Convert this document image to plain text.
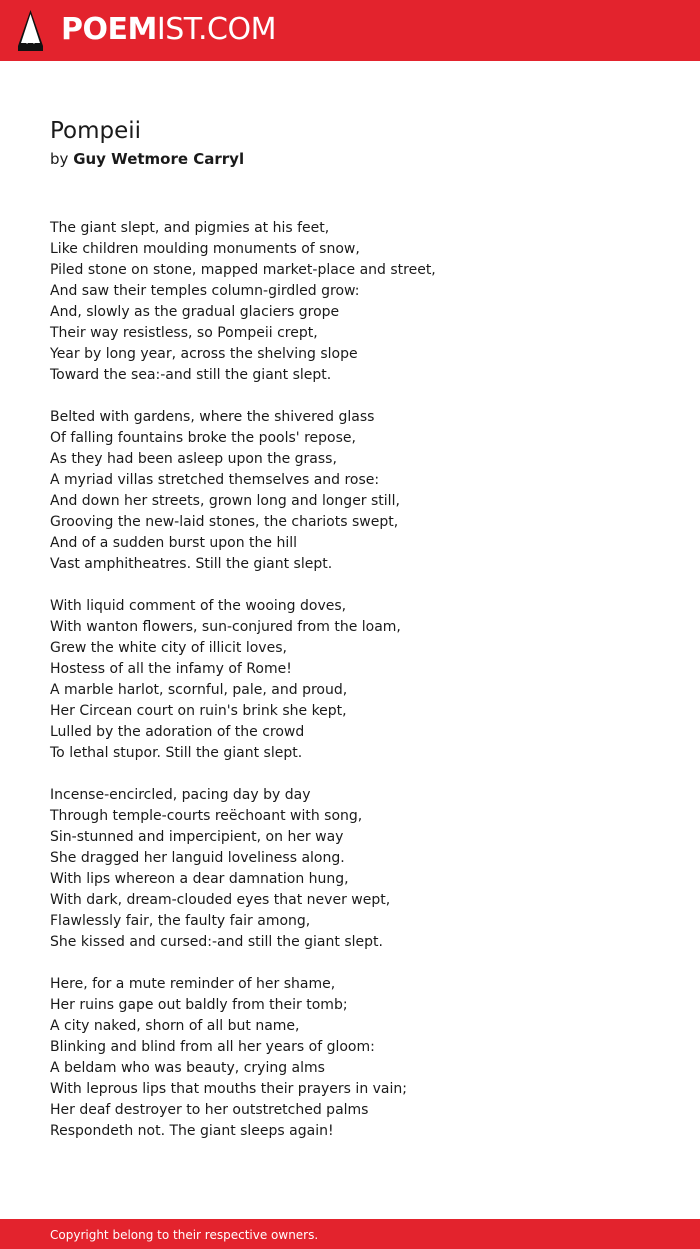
POEMIST.COM
Pompeii
by Guy Wetmore Carryl
The giant slept, and pigmies at his feet,
Like children moulding monuments of snow,
Piled stone on stone, mapped market-place and street,
And saw their temples column-girdled grow:
And, slowly as the gradual glaciers grope
Their way resistless, so Pompeii crept,
Year by long year, across the shelving slope
Toward the sea:-and still the giant slept.
Belted with gardens, where the shivered glass
Of falling fountains broke the pools' repose,
As they had been asleep upon the grass,
A myriad villas stretched themselves and rose:
And down her streets, grown long and longer still,
Grooving the new-laid stones, the chariots swept,
And of a sudden burst upon the hill
Vast amphitheatres. Still the giant slept.
With liquid comment of the wooing doves,
With wanton flowers, sun-conjured from the loam,
Grew the white city of illicit loves,
Hostess of all the infamy of Rome!
A marble harlot, scornful, pale, and proud,
Her Circean court on ruin's brink she kept,
Lulled by the adoration of the crowd
To lethal stupor. Still the giant slept.
Incense-encircled, pacing day by day
Through temple-courts reëchoant with song,
Sin-stunned and impercipient, on her way
She dragged her languid loveliness along.
With lips whereon a dear damnation hung,
With dark, dream-clouded eyes that never wept,
Flawlessly fair, the faulty fair among,
She kissed and cursed:-and still the giant slept.
Here, for a mute reminder of her shame,
Her ruins gape out baldly from their tomb;
A city naked, shorn of all but name,
Blinking and blind from all her years of gloom:
A beldam who was beauty, crying alms
With leprous lips that mouths their prayers in vain;
Her deaf destroyer to her outstretched palms
Respondeth not. The giant sleeps again!
Copyright belong to their respective owners.
